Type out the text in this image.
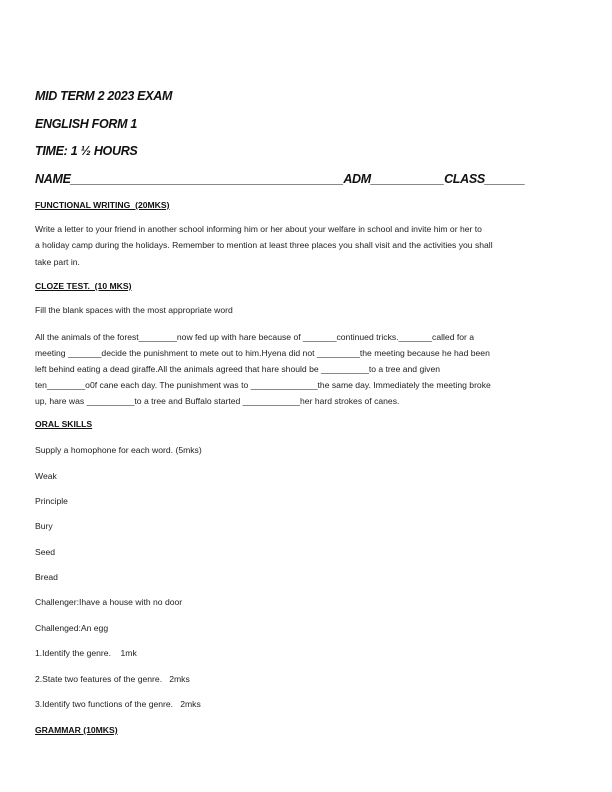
MID TERM 2 2023 EXAM
ENGLISH FORM 1
TIME: 1 ½ HOURS
NAME_________________________________________ADM___________CLASS______
FUNCTIONAL WRITING  (20MKS)
Write a letter to your friend in another school informing him or her about your welfare in school and invite him or her to
a holiday camp during the holidays. Remember to mention at least three places you shall visit and the activities you shall
take part in.
CLOZE TEST.  (10 MKS)
Fill the blank spaces with the most appropriate word
All the animals of the forest________now fed up with hare because of _______continued tricks._______called for a
meeting _______decide the punishment to mete out to him.Hyena did not _________the meeting because he had been
left behind eating a dead giraffe.All the animals agreed that hare should be __________to a tree and given
ten________o0f cane each day. The punishment was to ______________the same day. Immediately the meeting broke
up, hare was __________to a tree and Buffalo started ____________her hard strokes of canes.
ORAL SKILLS
Supply a homophone for each word. (5mks)
Weak
Principle
Bury
Seed
Bread
Challenger:Ihave a house with no door
Challenged:An egg
1.Identify the genre.    1mk
2.State two features of the genre.   2mks
3.Identify two functions of the genre.   2mks
GRAMMAR (10MKS)
